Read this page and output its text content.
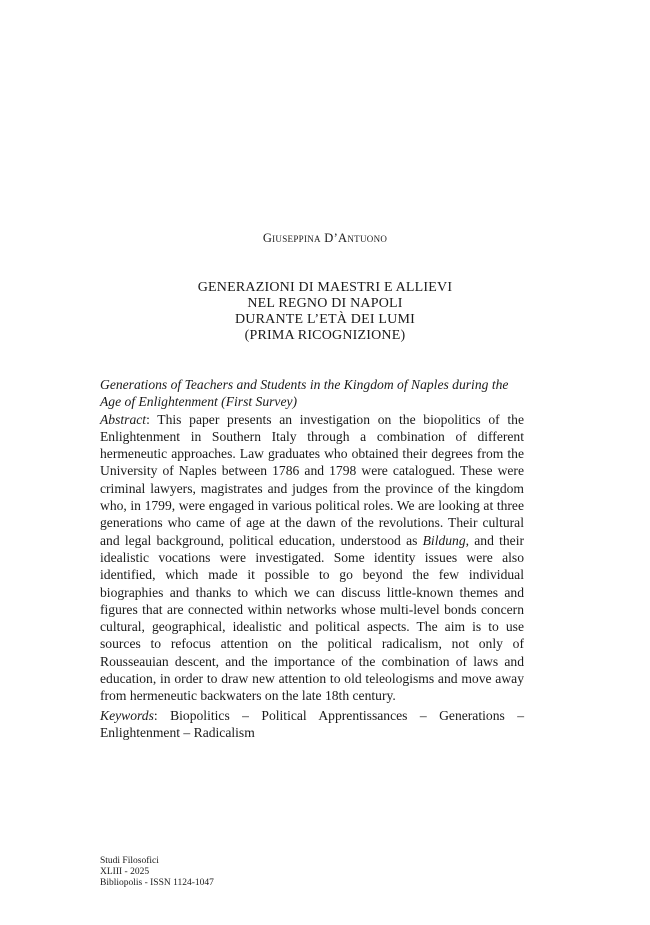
Giuseppina D’Antuono
GENERAZIONI DI MAESTRI E ALLIEVI
NEL REGNO DI NAPOLI
DURANTE L’ETÀ DEI LUMI
(PRIMA RICOGNIZIONE)

Generations of Teachers and Students in the Kingdom of Naples during the Age of Enlightenment (First Survey)

Abstract: This paper presents an investigation on the biopolitics of the Enlightenment in Southern Italy through a combination of different hermeneutic approaches. Law graduates who obtained their degrees from the University of Naples between 1786 and 1798 were catalogued. These were criminal lawyers, magistrates and judges from the province of the kingdom who, in 1799, were engaged in various political roles. We are looking at three generations who came of age at the dawn of the revolutions. Their cultural and legal background, political education, understood as Bildung, and their idealistic vocations were investigated. Some identity issues were also identified, which made it possible to go beyond the few individual biographies and thanks to which we can discuss little-known themes and figures that are connected within networks whose multi-level bonds concern cultural, geographical, idealistic and political aspects. The aim is to use sources to refocus attention on the political radicalism, not only of Rousseauian descent, and the importance of the combination of laws and education, in order to draw new attention to old teleologisms and move away from hermeneutic backwaters on the late 18th century.

Keywords: Biopolitics – Political Apprentissances – Generations – Enlightenment – Radicalism

Studi Filosofici
XLIII - 2025
Bibliopolis - ISSN 1124-1047
